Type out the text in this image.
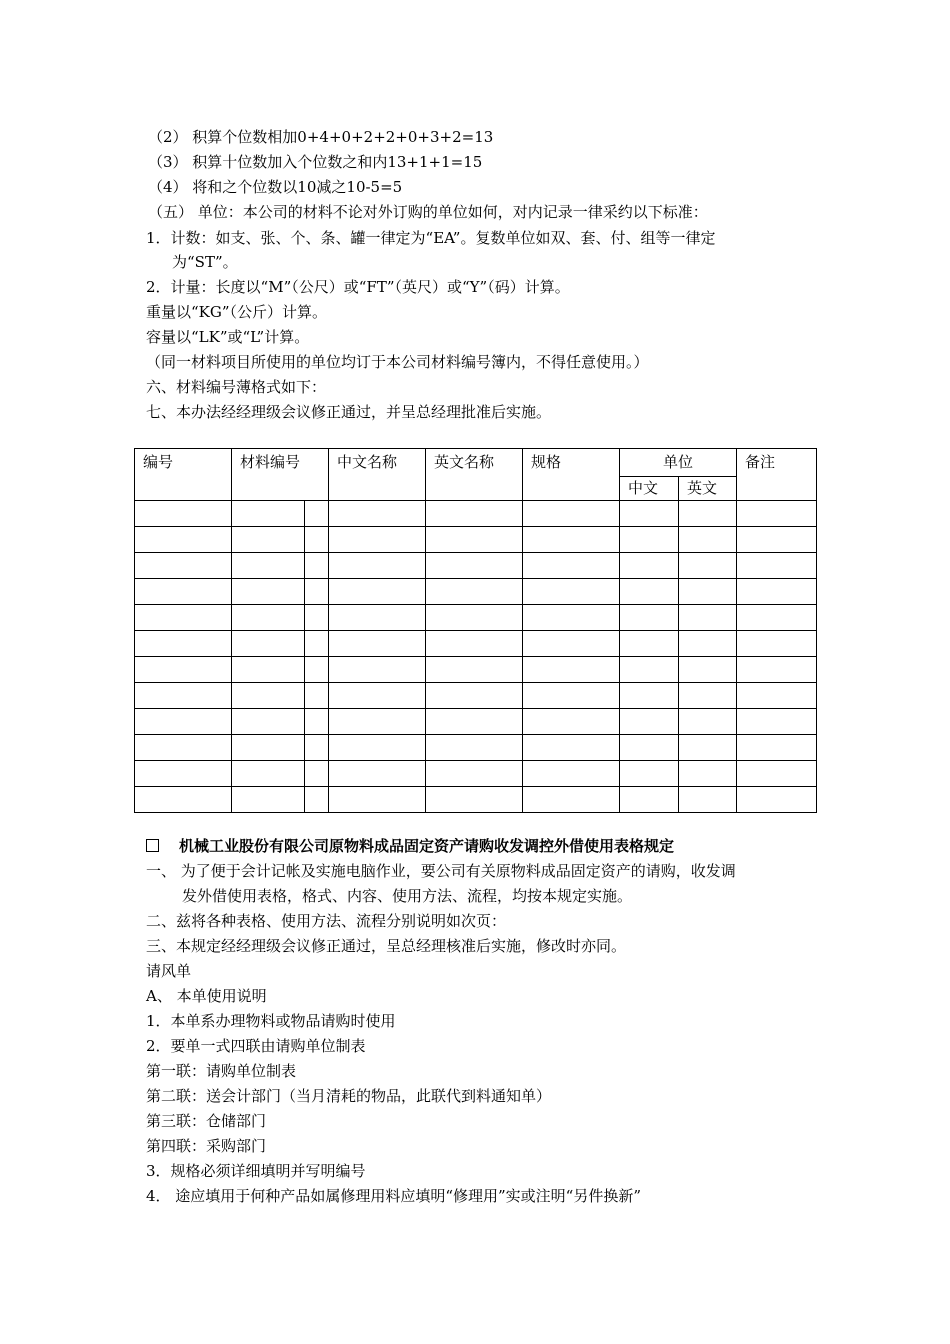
（2） 积算个位数相加0+4+0+2+2+0+3+2=13
（3） 积算十位数加入个位数之和内13+1+1=15
（4） 将和之个位数以10减之10-5=5
（五） 单位：本公司的材料不论对外订购的单位如何，对内记录一律采约以下标准：
1．计数：如支、张、个、条、罐一律定为“EA”。复数单位如双、套、付、组等一律定
为“ST”。
2．计量：长度以“M”（公尺）或“FT”（英尺）或“Y”（码）计算。
重量以“KG”（公斤）计算。
容量以“LK”或“L”计算。
（同一材料项目所使用的单位均订于本公司材料编号簿内，不得任意使用。）
六、材料编号薄格式如下：
七、本办法经经理级会议修正通过，并呈总经理批准后实施。
编号	材料编号		中文名称	英文名称	规格	单位		备注
						中文	英文	

机械工业股份有限公司原物料成品固定资产请购收发调控外借使用表格规定
一、 为了便于会计记帐及实施电脑作业，要公司有关原物料成品固定资产的请购，收发调
发外借使用表格，格式、内容、使用方法、流程，均按本规定实施。
二、兹将各种表格、使用方法、流程分别说明如次页：
三、本规定经经理级会议修正通过，呈总经理核准后实施，修改时亦同。
请风单
A、 本单使用说明
1．本单系办理物料或物品请购时使用
2．要单一式四联由请购单位制表
第一联：请购单位制表
第二联：送会计部门（当月清耗的物品，此联代到料通知单）
第三联：仓储部门
第四联：采购部门
3．规格必须详细填明并写明编号
4． 途应填用于何种产品如属修理用料应填明“修理用”实或注明“另件换新”
